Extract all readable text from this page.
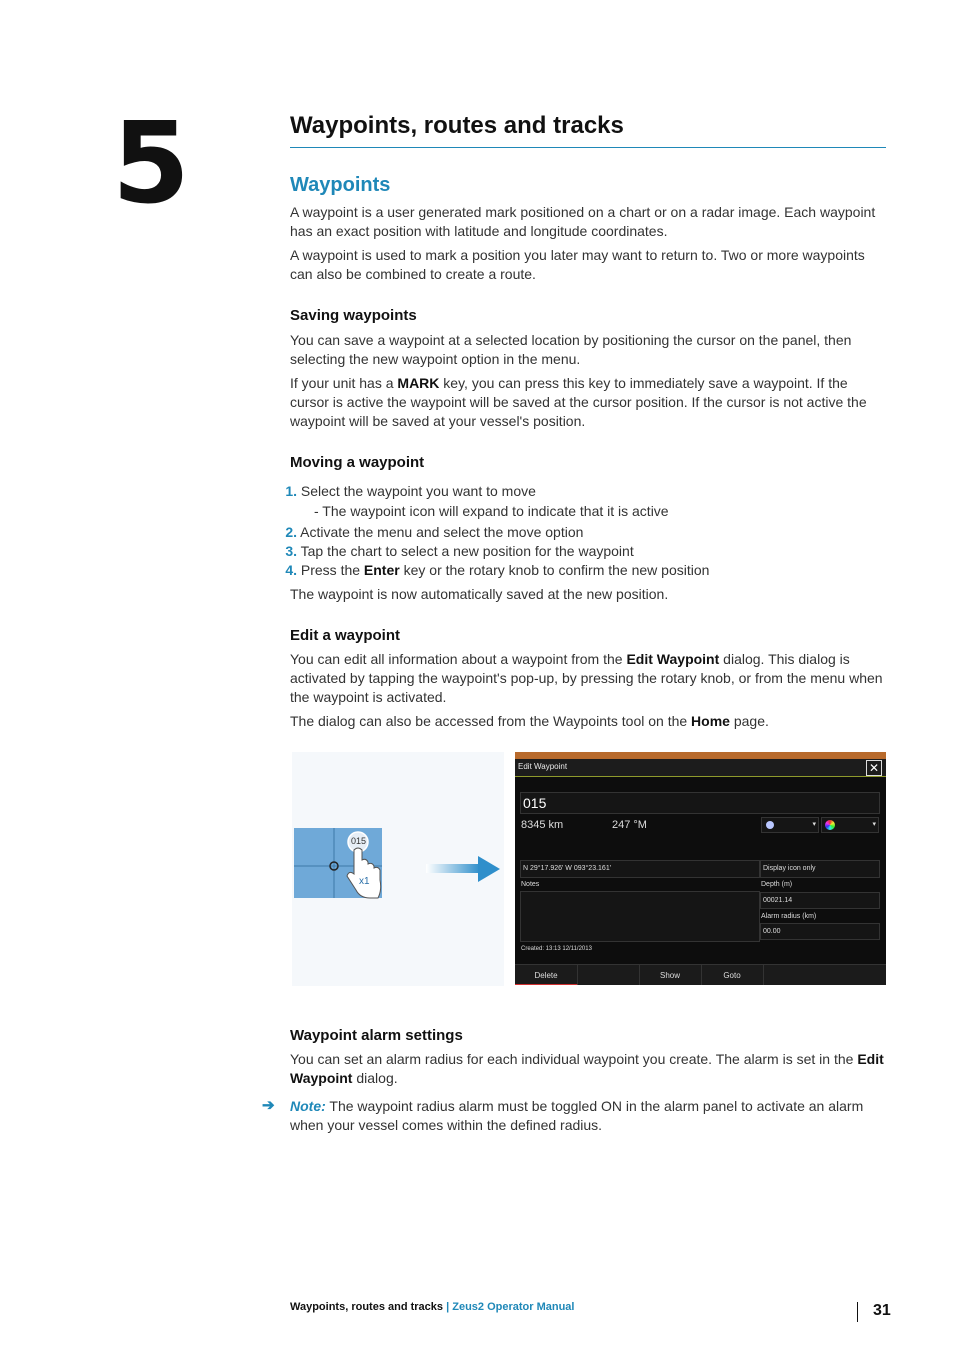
5	Waypoints, routes and tracks
Waypoints
A waypoint is a user generated mark positioned on a chart or on a radar image. Each waypoint has an exact position with latitude and longitude coordinates.
A waypoint is used to mark a position you later may want to return to. Two or more waypoints can also be combined to create a route.
Saving waypoints
You can save a waypoint at a selected location by positioning the cursor on the panel, then selecting the new waypoint option in the menu.
If your unit has a MARK key, you can press this key to immediately save a waypoint. If the cursor is active the waypoint will be saved at the cursor position. If the cursor is not active the waypoint will be saved at your vessel's position.
Moving a waypoint
1. Select the waypoint you want to move
- The waypoint icon will expand to indicate that it is active
2. Activate the menu and select the move option
3. Tap the chart to select a new position for the waypoint
4. Press the Enter key or the rotary knob to confirm the new position
The waypoint is now automatically saved at the new position.
Edit a waypoint
You can edit all information about a waypoint from the Edit Waypoint dialog. This dialog is activated by tapping the waypoint's pop-up, by pressing the rotary knob, or from the menu when the waypoint is activated.
The dialog can also be accessed from the Waypoints tool on the Home page.
015
x1
Edit Waypoint	✕
015
8345 km	247 °M	▾	▾
N 29°17.926' W 093°23.161'	Display icon only
Notes	Depth (m)
00021.14
Alarm radius (km)
00.00
Created: 13:13 12/11/2013
Delete	Show	Goto
Waypoint alarm settings
You can set an alarm radius for each individual waypoint you create. The alarm is set in the Edit Waypoint dialog.
➔ Note: The waypoint radius alarm must be toggled ON in the alarm panel to activate an alarm when your vessel comes within the defined radius.
Waypoints, routes and tracks | Zeus2 Operator Manual	31
